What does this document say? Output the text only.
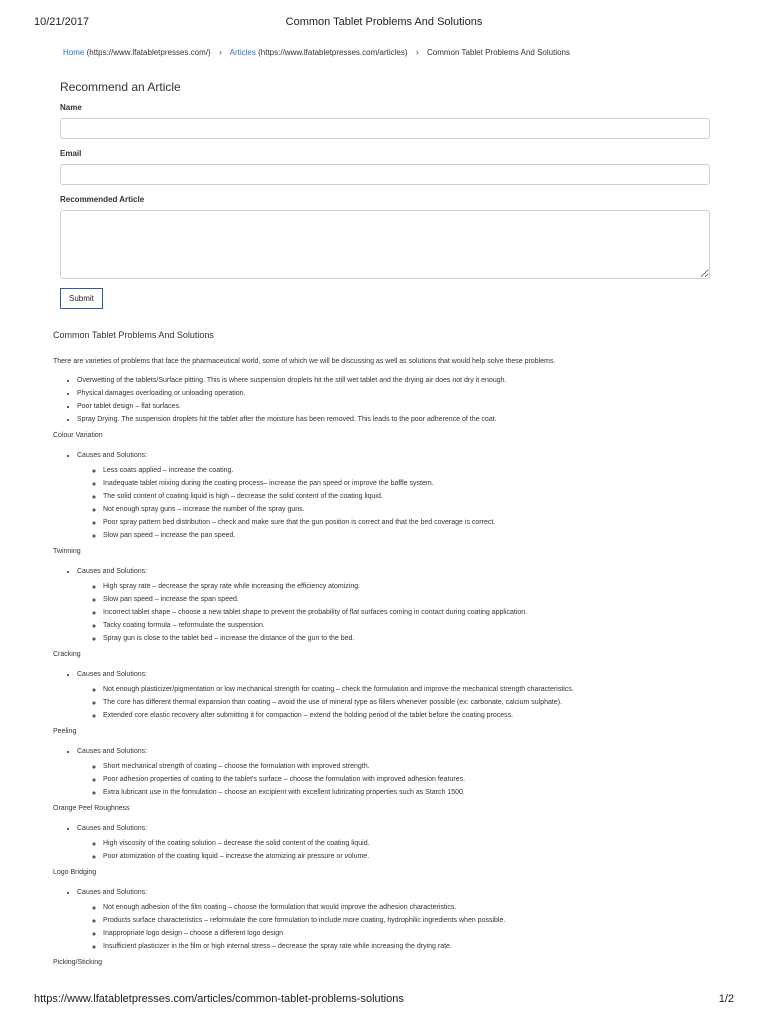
10/21/2017	Common Tablet Problems And Solutions
Home (https://www.lfatabletpresses.com/) › Articles (https://www.lfatabletpresses.com/articles) › Common Tablet Problems And Solutions
Recommend an Article
Name
Email
Recommended Article
Submit
Common Tablet Problems And Solutions

There are varieties of problems that face the pharmaceutical world, some of which we will be discussing as well as solutions that would help solve these problems.

• Overwetting of the tablets/Surface pitting. This is where suspension droplets hit the still wet tablet and the drying air does not dry it enough.
• Physical damages overloading or unloading operation.
• Poor tablet design – flat surfaces.
• Spray Drying. The suspension droplets hit the tablet after the moisture has been removed. This leads to the poor adherence of the coat.
Colour Variation
• Causes and Solutions:
◦ Less coats applied – increase the coating.
◦ Inadequate tablet mixing during the coating process– increase the pan speed or improve the baffle system.
◦ The solid content of coating liquid is high – decrease the solid content of the coating liquid.
◦ Not enough spray guns – increase the number of the spray guns.
◦ Poor spray pattern bed distribution – check and make sure that the gun position is correct and that the bed coverage is correct.
◦ Slow pan speed – increase the pan speed.
Twinning
• Causes and Solutions:
◦ High spray rate – decrease the spray rate while increasing the efficiency atomizing.
◦ Slow pan speed – increase the span speed.
◦ Incorrect tablet shape – choose a new tablet shape to prevent the probability of flat surfaces coming in contact during coating application.
◦ Tacky coating formula – reformulate the suspension.
◦ Spray gun is close to the tablet bed – increase the distance of the gun to the bed.
Cracking
• Causes and Solutions:
◦ Not enough plasticizer/pigmentation or low mechanical strength for coating – check the formulation and improve the mechanical strength characteristics.
◦ The core has different thermal expansion than coating – avoid the use of mineral type as fillers whenever possible (ex: carbonate, calcium sulphate).
◦ Extended core elastic recovery after submitting it for compaction – extend the holding period of the tablet before the coating process.
Peeling
• Causes and Solutions:
◦ Short mechanical strength of coating – choose the formulation with improved strength.
◦ Poor adhesion properties of coating to the tablet's surface – choose the formulation with improved adhesion features.
◦ Extra lubricant use in the formulation – choose an excipient with excellent lubricating properties such as Starch 1500.
Orange Peel Roughness
• Causes and Solutions:
◦ High viscosity of the coating solution – decrease the solid content of the coating liquid.
◦ Poor atomization of the coating liquid – increase the atomizing air pressure or volume.
Logo Bridging
• Causes and Solutions:
◦ Not enough adhesion of the film coating – choose the formulation that would improve the adhesion characteristics.
◦ Products surface characteristics – reformulate the core formulation to include more coating, hydrophilic ingredients when possible.
◦ Inappropriate logo design – choose a different logo design
◦ Insufficient plasticizer in the film or high internal stress – decrease the spray rate while increasing the drying rate.
Picking/Sticking
https://www.lfatabletpresses.com/articles/common-tablet-problems-solutions	1/2
